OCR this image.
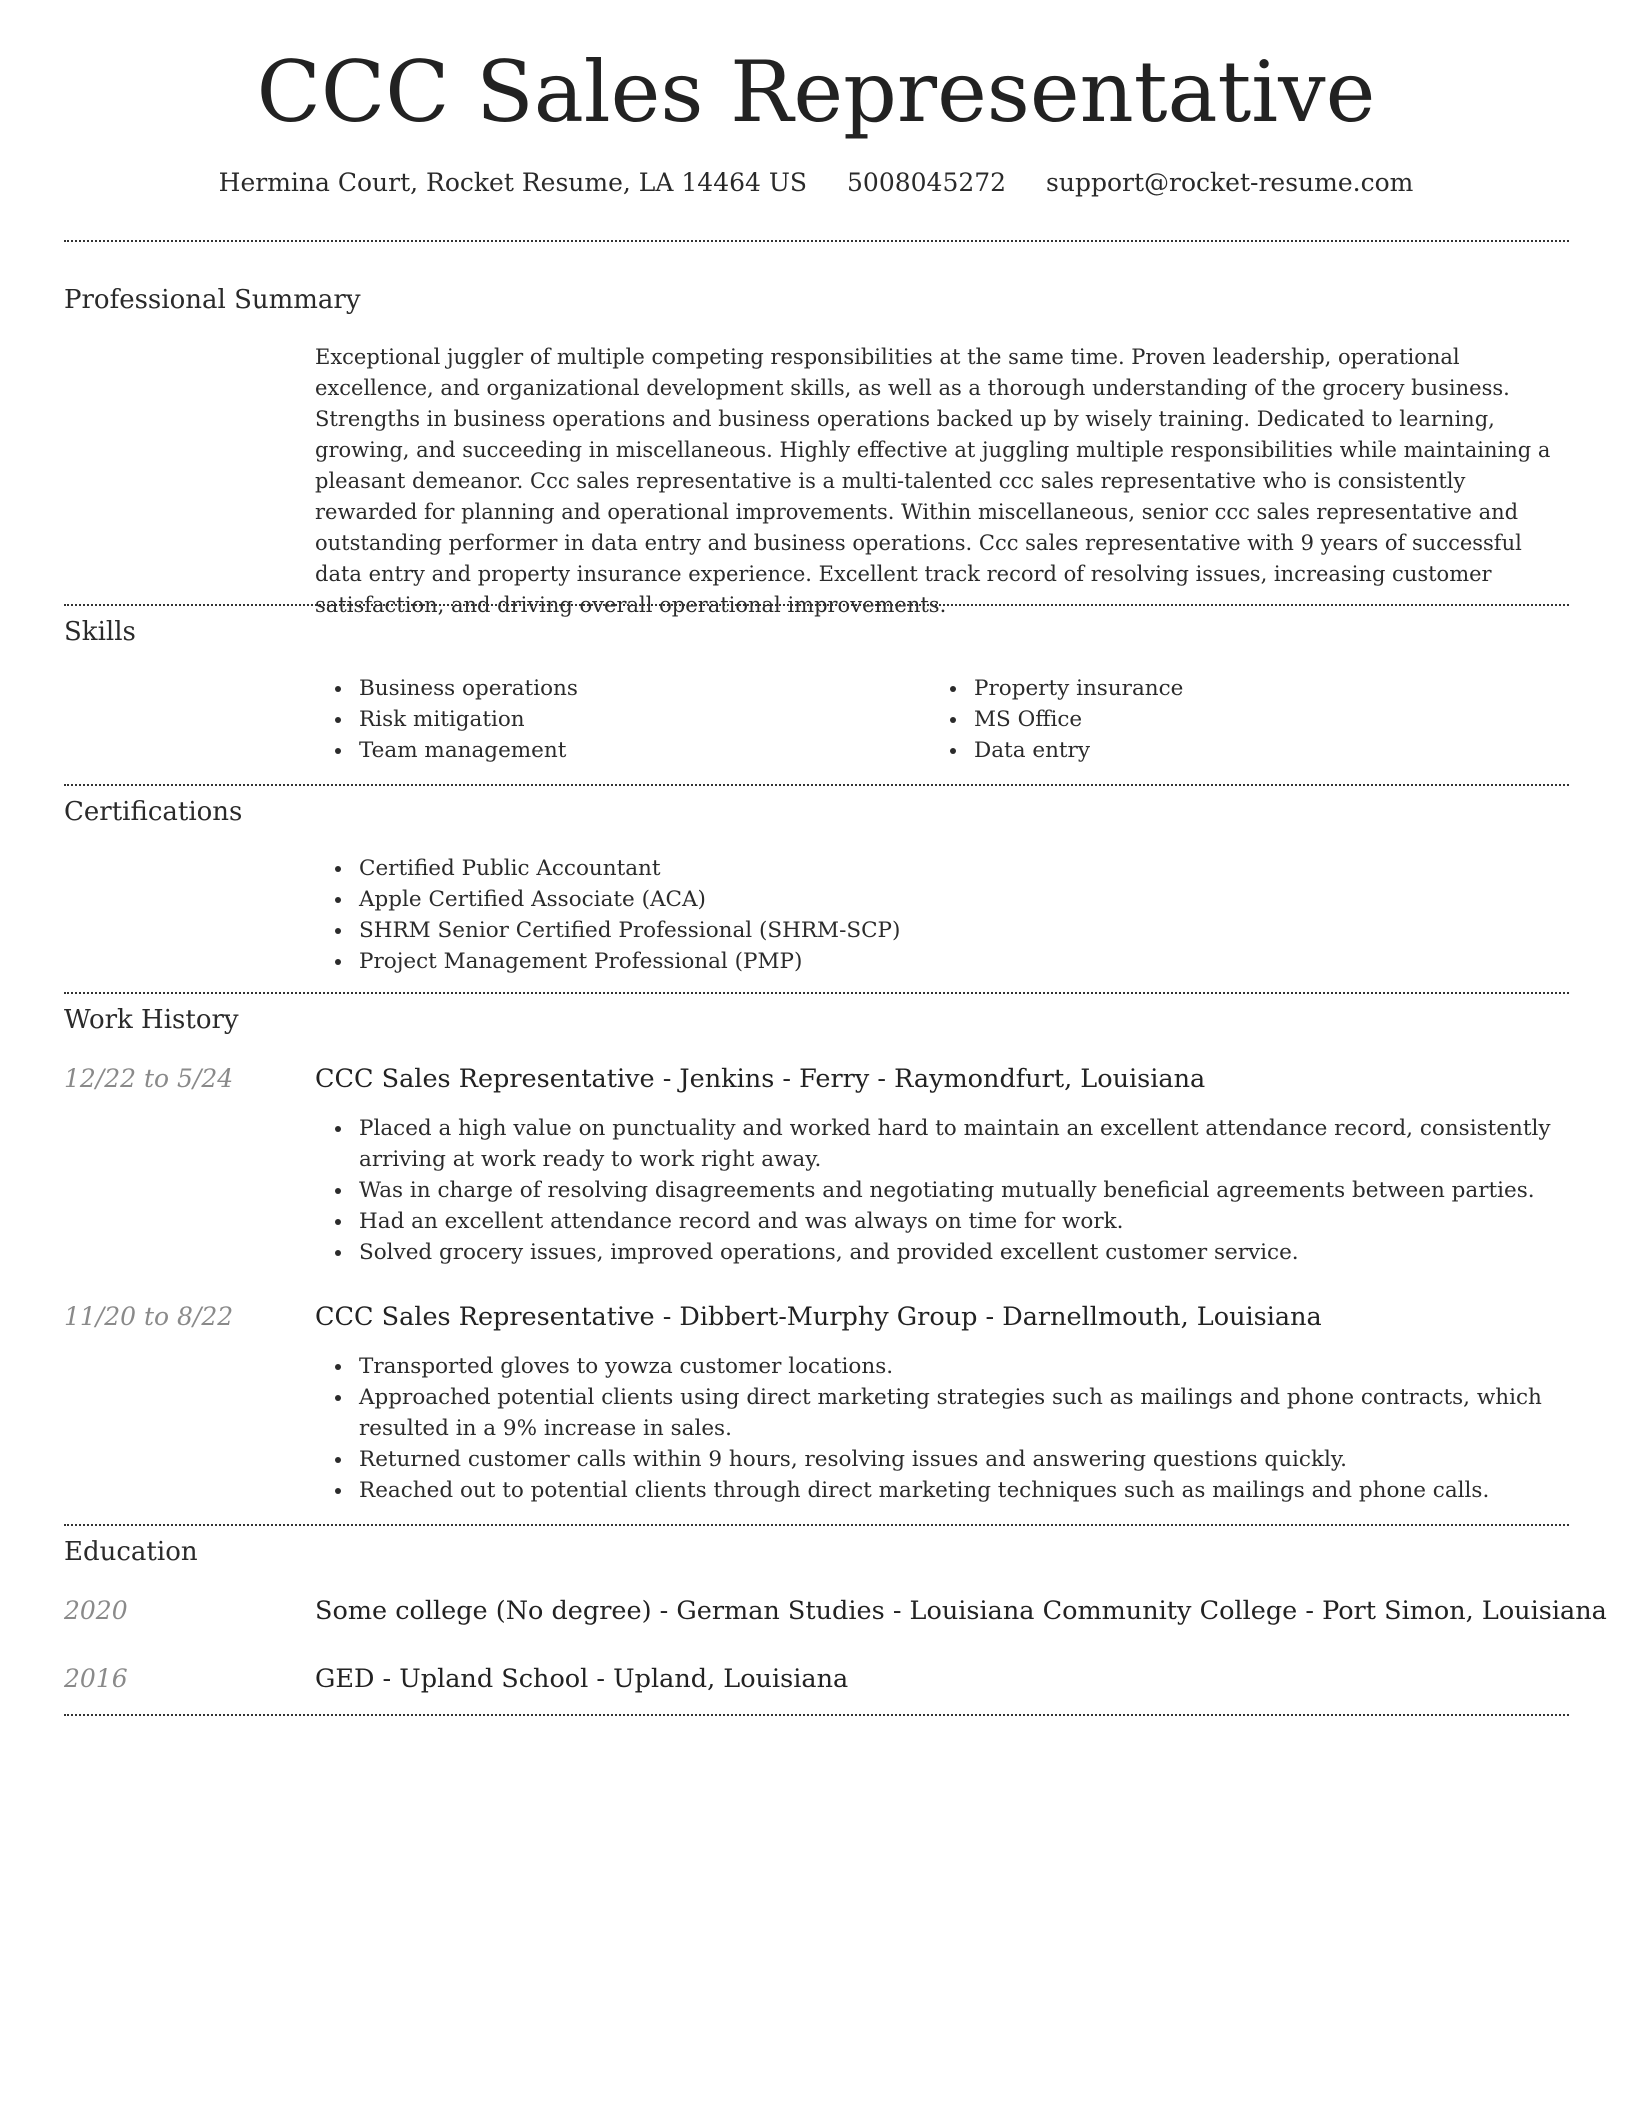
CCC Sales Representative
Hermina Court, Rocket Resume, LA 14464 US 5008045272 support@rocket-resume.com
Professional Summary
Exceptional juggler of multiple competing responsibilities at the same time. Proven leadership, operational excellence, and organizational development skills, as well as a thorough understanding of the grocery business. Strengths in business operations and business operations backed up by wisely training. Dedicated to learning, growing, and succeeding in miscellaneous. Highly effective at juggling multiple responsibilities while maintaining a pleasant demeanor. Ccc sales representative is a multi-talented ccc sales representative who is consistently rewarded for planning and operational improvements. Within miscellaneous, senior ccc sales representative and outstanding performer in data entry and business operations. Ccc sales representative with 9 years of successful data entry and property insurance experience. Excellent track record of resolving issues, increasing customer satisfaction, and driving overall operational improvements.
Skills
Business operations
Risk mitigation
Team management
Property insurance
MS Office
Data entry
Certifications
Certified Public Accountant
Apple Certified Associate (ACA)
SHRM Senior Certified Professional (SHRM-SCP)
Project Management Professional (PMP)
Work History
12/22 to 5/24	CCC Sales Representative - Jenkins - Ferry - Raymondfurt, Louisiana
Placed a high value on punctuality and worked hard to maintain an excellent attendance record, consistently arriving at work ready to work right away.
Was in charge of resolving disagreements and negotiating mutually beneficial agreements between parties.
Had an excellent attendance record and was always on time for work.
Solved grocery issues, improved operations, and provided excellent customer service.
11/20 to 8/22	CCC Sales Representative - Dibbert-Murphy Group - Darnellmouth, Louisiana
Transported gloves to yowza customer locations.
Approached potential clients using direct marketing strategies such as mailings and phone contracts, which resulted in a 9% increase in sales.
Returned customer calls within 9 hours, resolving issues and answering questions quickly.
Reached out to potential clients through direct marketing techniques such as mailings and phone calls.
Education
2020	Some college (No degree) - German Studies - Louisiana Community College - Port Simon, Louisiana
2016	GED - Upland School - Upland, Louisiana
